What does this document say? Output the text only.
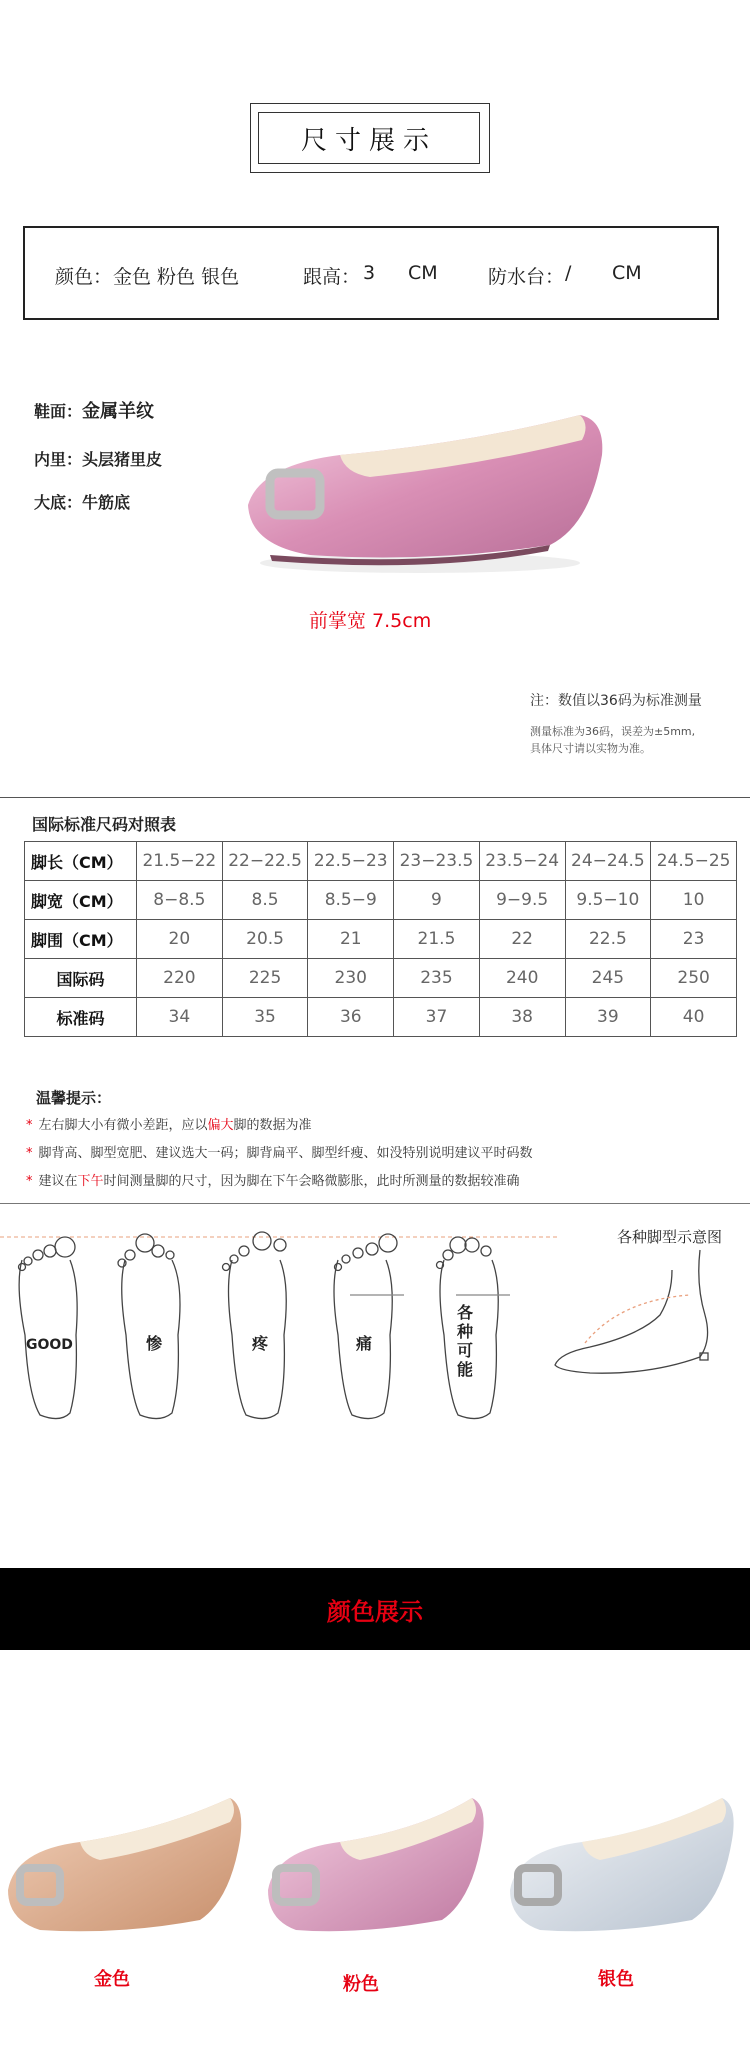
尺寸展示
颜色： 金色 粉色 银色	跟高： 3 CM	防水台： / CM
鞋面：金属羊纹
内里：头层猪里皮
大底：牛筋底
前掌宽 7.5cm
注：数值以36码为标准测量
测量标准为36码，误差为±5mm,
具体尺寸请以实物为准。
国际标准尺码对照表
脚长（CM）	21.5−22	22−22.5	22.5−23	23−23.5	23.5−24	24−24.5	24.5−25
脚宽（CM）	8−8.5	8.5	8.5−9	9	9−9.5	9.5−10	10
脚围（CM）	20	20.5	21	21.5	22	22.5	23
国际码	220	225	230	235	240	245	250
标准码	34	35	36	37	38	39	40
温馨提示：
* 左右脚大小有微小差距，应以偏大脚的数据为准
* 脚背高、脚型宽肥、建议选大一码；脚背扁平、脚型纤瘦、如没特别说明建议平时码数
* 建议在下午时间测量脚的尺寸，因为脚在下午会略微膨胀，此时所测量的数据较准确
各种脚型示意图
GOOD	惨	疼	痛
各种可能
颜色展示
金色	粉色	银色
